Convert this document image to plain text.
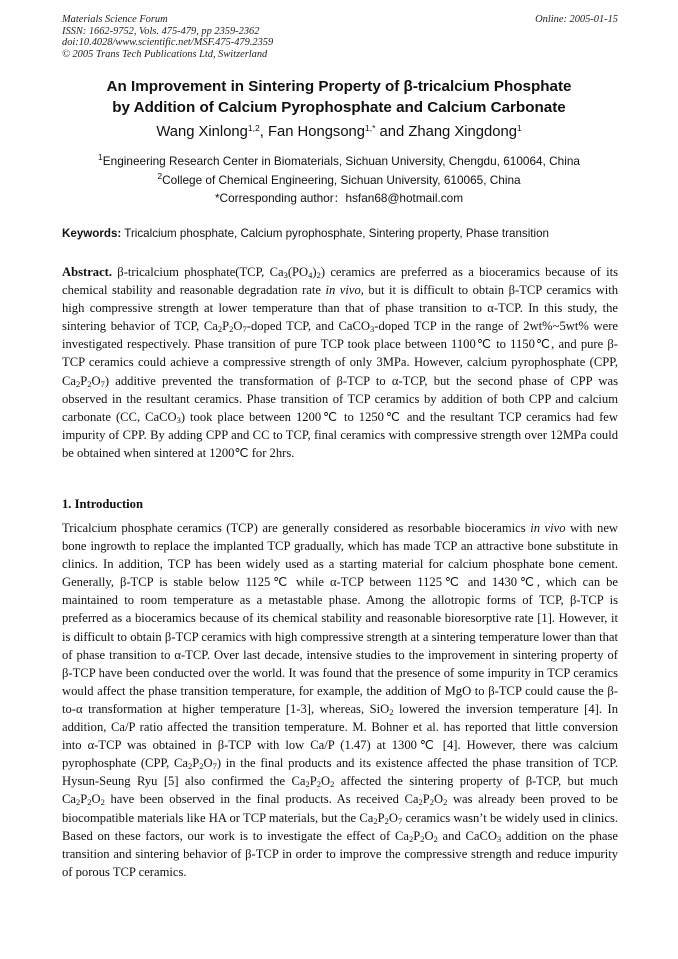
Materials Science Forum
ISSN: 1662-9752, Vols. 475-479, pp 2359-2362
doi:10.4028/www.scientific.net/MSF.475-479.2359
© 2005 Trans Tech Publications Ltd, Switzerland
Online: 2005-01-15
An Improvement in Sintering Property of β-tricalcium Phosphate
by Addition of Calcium Pyrophosphate and Calcium Carbonate
Wang Xinlong$^{1,2}$, Fan Hongsong$^{1,*}$ and Zhang Xingdong$^1$
$^1$Engineering Research Center in Biomaterials, Sichuan University, Chengdu, 610064, China
$^2$College of Chemical Engineering, Sichuan University, 610065, China
*Corresponding author：hsfan68@hotmail.com
Keywords: Tricalcium phosphate, Calcium pyrophosphate, Sintering property, Phase transition

Abstract. β-tricalcium phosphate(TCP, $Ca_3(PO_4)_2$) ceramics are preferred as a bioceramics because of its chemical stability and reasonable degradation rate in vivo, but it is difficult to obtain β-TCP ceramics with high compressive strength at lower temperature than that of phase transition to α-TCP. In this study, the sintering behavior of TCP, $Ca_2P_2O_7$-doped TCP, and CaCO$_3$-doped TCP in the range of 2wt%~5wt% were investigated respectively. Phase transition of pure TCP took place between 1100℃ to 1150℃, and pure β-TCP ceramics could achieve a compressive strength of only 3MPa. However, calcium pyrophosphate (CPP, $Ca_2P_2O_7$) additive prevented the transformation of β-TCP to α-TCP, but the second phase of CPP was observed in the resultant ceramics. Phase transition of TCP ceramics by addition of both CPP and calcium carbonate (CC, CaCO$_3$) took place between 1200℃ to 1250℃ and the resultant TCP ceramics had few impurity of CPP. By adding CPP and CC to TCP, final ceramics with compressive strength over 12MPa could be obtained when sintered at 1200℃ for 2hrs.

1. Introduction

Tricalcium phosphate ceramics (TCP) are generally considered as resorbable bioceramics in vivo with new bone ingrowth to replace the implanted TCP gradually, which has made TCP an attractive bone substitute in clinics. In addition, TCP has been widely used as a starting material for calcium phosphate bone cement. Generally, β-TCP is stable below 1125℃ while α-TCP between 1125℃ and 1430℃, which can be maintained to room temperature as a metastable phase. Among the allotropic forms of TCP, β-TCP is preferred as a bioceramics because of its chemical stability and reasonable bioresorptive rate [1]. However, it is difficult to obtain β-TCP ceramics with high compressive strength at a sintering temperature lower than that of phase transition to α-TCP. Over last decade, intensive studies to the improvement in sintering property of β-TCP have been conducted over the world. It was found that the presence of some impurity in TCP ceramics would affect the phase transition temperature, for example, the addition of MgO to β-TCP could cause the β-to-α transformation at higher temperature [1-3], whereas, SiO$_2$ lowered the inversion temperature [4]. In addition, Ca/P ratio affected the transition temperature. M. Bohner et al. has reported that little conversion into α-TCP was obtained in β-TCP with low Ca/P (1.47) at 1300℃ [4]. However, there was calcium pyrophosphate (CPP, $Ca_2P_2O_7$) in the final products and its existence affected the phase transition of TCP. Hysun-Seung Ryu [5] also confirmed the $Ca_2P_2O_2$ affected the sintering property of β-TCP, but much $Ca_2P_2O_2$ have been observed in the final products. As received $Ca_2P_2O_2$ was already been proved to be biocompatible materials like HA or TCP materials, but the $Ca_2P_2O_7$ ceramics wasn’t be widely used in clinics. Based on these factors, our work is to investigate the effect of $Ca_2P_2O_2$ and CaCO$_3$ addition on the phase transition and sintering behavior of β-TCP in order to improve the compressive strength and reduce impurity of porous TCP ceramics.
